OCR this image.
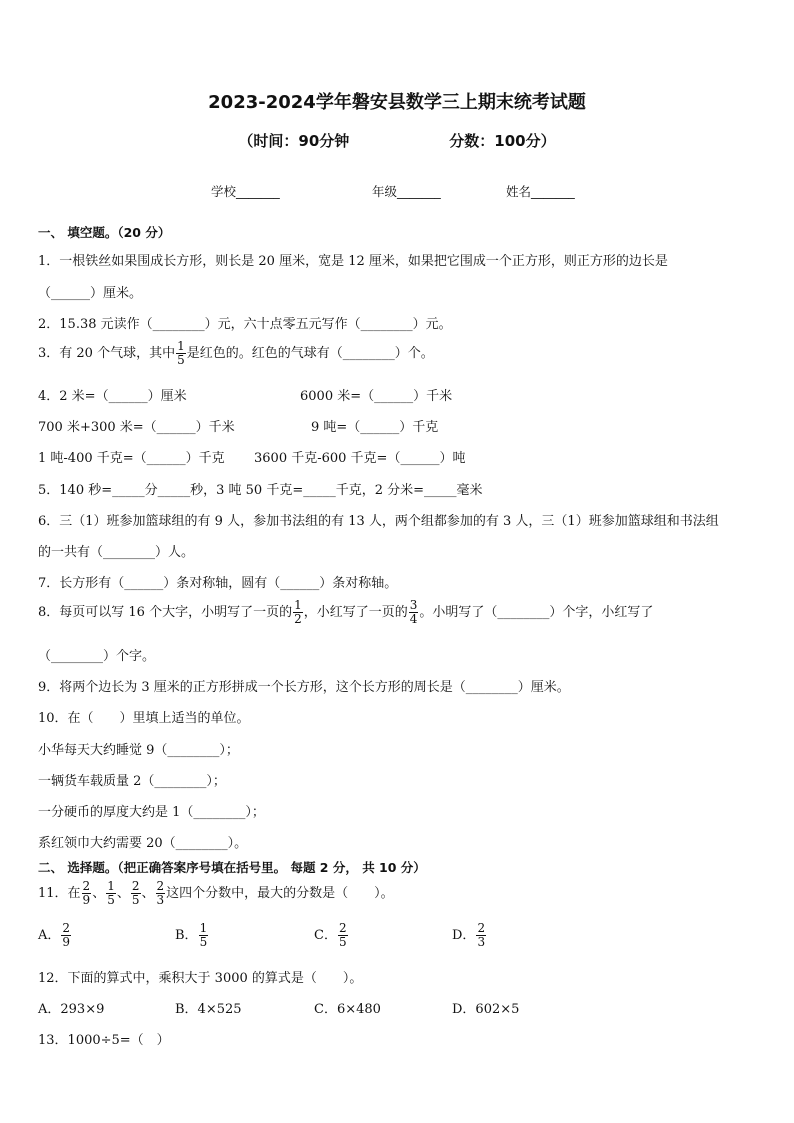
2023-2024学年磐安县数学三上期末统考试题
（时间：90分钟	分数：100分）
学校_______	年级_______	姓名_______
一、 填空题。（20 分）
1．一根铁丝如果围成长方形，则长是 20 厘米，宽是 12 厘米，如果把它围成一个正方形，则正方形的边长是
（______）厘米。
2．15.38 元读作（________）元，六十点零五元写作（________）元。
3．有 20 个气球，其中 $\frac{1}{5}$ 是红色的。红色的气球有（________）个。
4．2 米=（______）厘米	6000 米=（______）千米
700 米+300 米=（______）千米	9 吨=（______）千克
1 吨-400 千克=（______）千克 3600 千克-600 千克=（______）吨
5．140 秒=_____分_____秒，3 吨 50 千克=_____千克，2 分米=_____毫米
6．三（1）班参加篮球组的有 9 人，参加书法组的有 13 人，两个组都参加的有 3 人，三（1）班参加篮球组和书法组
的一共有（________）人。
7．长方形有（______）条对称轴，圆有（______）条对称轴。
8．每页可以写 16 个大字，小明写了一页的 $\frac{1}{2}$ ，小红写了一页的 $\frac{3}{4}$ 。小明写了（________）个字，小红写了
（________）个字。
9．将两个边长为 3 厘米的正方形拼成一个长方形，这个长方形的周长是（________）厘米。
10．在（　　）里填上适当的单位。
小华每天大约睡觉 9（________）；
一辆货车载质量 2（________）；
一分硬币的厚度大约是 1（________）；
系红领巾大约需要 20（________）。
二、 选择题。（把正确答案序号填在括号里。 每题 2 分， 共 10 分）
11．在 $\frac{2}{9}$ 、 $\frac{1}{5}$ 、 $\frac{2}{5}$ 、 $\frac{2}{3}$ 这四个分数中，最大的分数是（　　）。
A． $\frac{2}{9}$	B． $\frac{1}{5}$	C． $\frac{2}{5}$	D． $\frac{2}{3}$
12．下面的算式中，乘积大于 3000 的算式是（　　）。
A．293×9	B．4×525	C．6×480	D．602×5
13．1000÷5=（　）
